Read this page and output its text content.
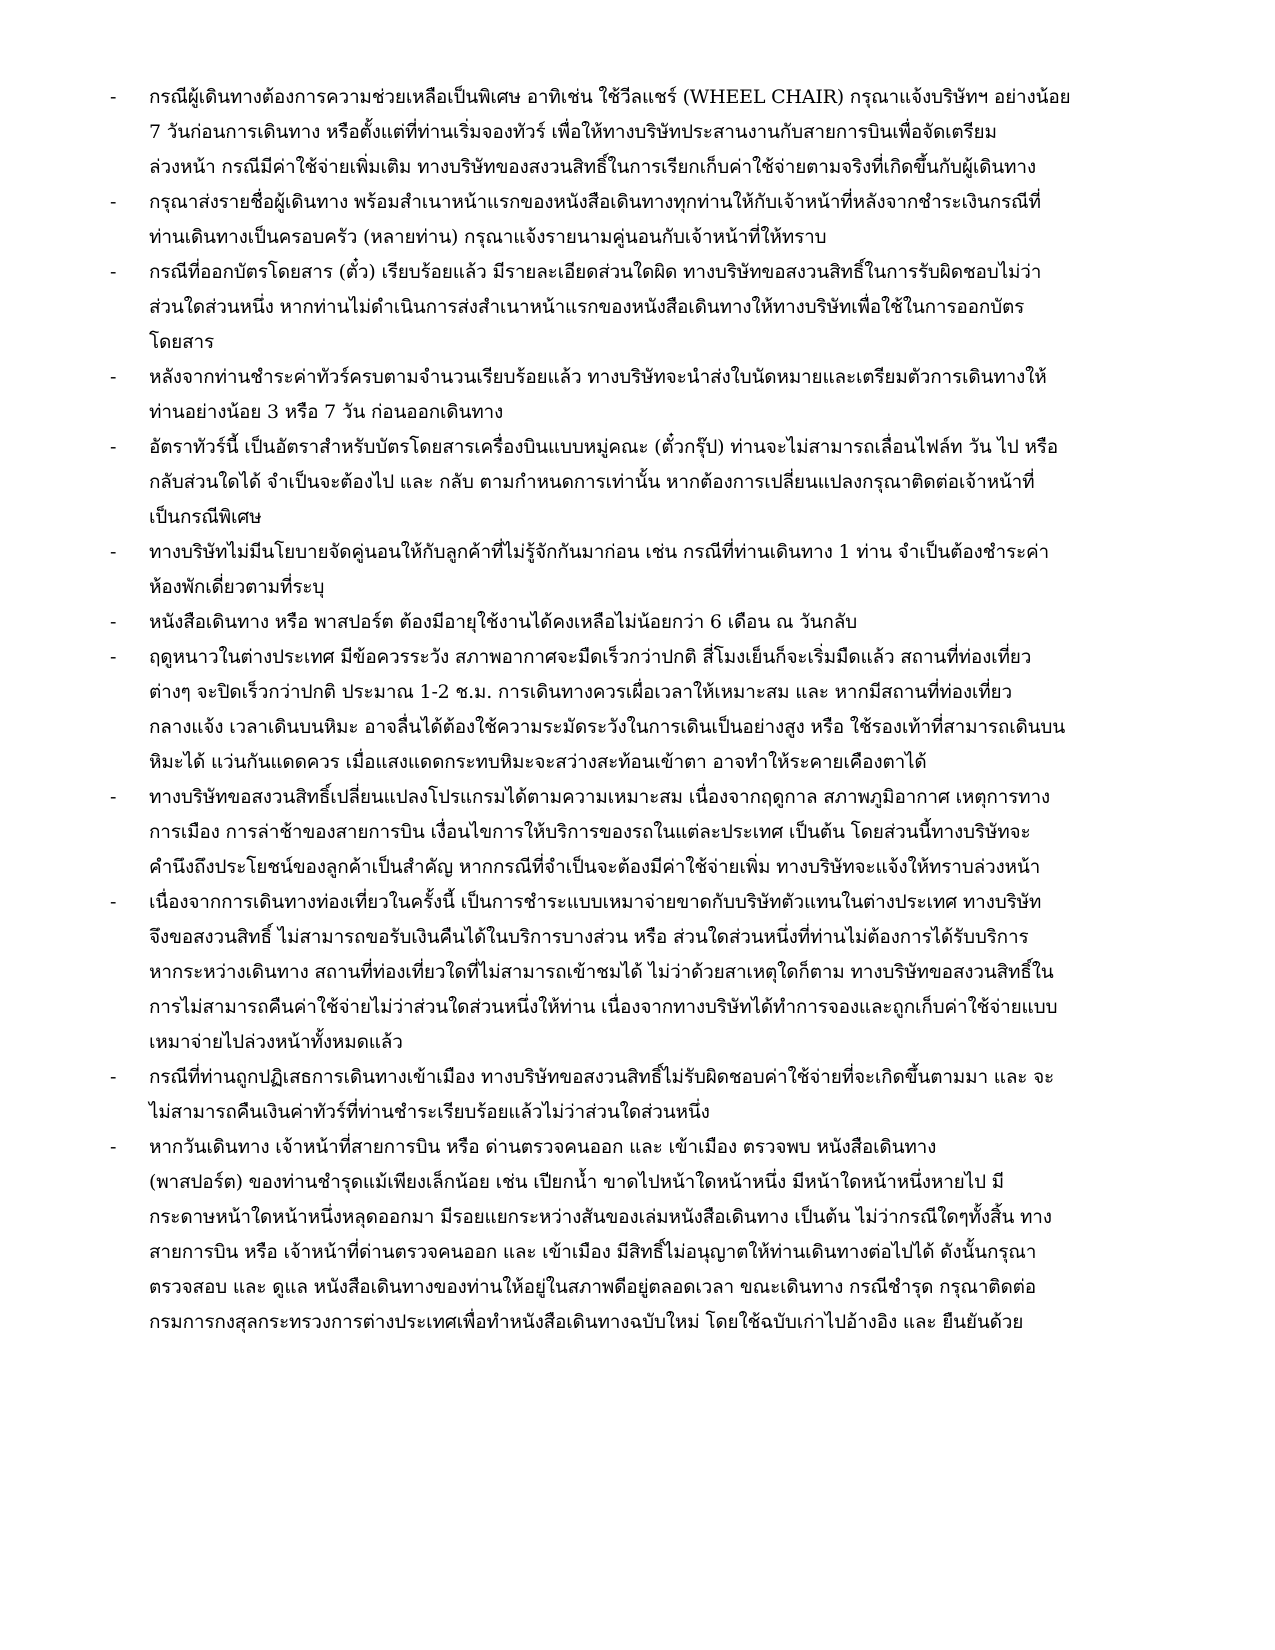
-	กรณีผู้เดินทางต้องการความช่วยเหลือเป็นพิเศษ อาทิเช่น ใช้วีลแชร์ (WHEEL CHAIR) กรุณาแจ้งบริษัทฯ อย่างน้อย
7 วันก่อนการเดินทาง หรือตั้งแต่ที่ท่านเริ่มจองทัวร์ เพื่อให้ทางบริษัทประสานงานกับสายการบินเพื่อจัดเตรียม
ล่วงหน้า กรณีมีค่าใช้จ่ายเพิ่มเติม ทางบริษัทของสงวนสิทธิ์ในการเรียกเก็บค่าใช้จ่ายตามจริงที่เกิดขึ้นกับผู้เดินทาง
-	กรุณาส่งรายชื่อผู้เดินทาง พร้อมสำเนาหน้าแรกของหนังสือเดินทางทุกท่านให้กับเจ้าหน้าที่หลังจากชำระเงินกรณีที่
ท่านเดินทางเป็นครอบครัว (หลายท่าน) กรุณาแจ้งรายนามคู่นอนกับเจ้าหน้าที่ให้ทราบ
-	กรณีที่ออกบัตรโดยสาร (ตั๋ว) เรียบร้อยแล้ว มีรายละเอียดส่วนใดผิด ทางบริษัทขอสงวนสิทธิ์ในการรับผิดชอบไม่ว่า
ส่วนใดส่วนหนึ่ง หากท่านไม่ดำเนินการส่งสำเนาหน้าแรกของหนังสือเดินทางให้ทางบริษัทเพื่อใช้ในการออกบัตร
โดยสาร
-	หลังจากท่านชำระค่าทัวร์ครบตามจำนวนเรียบร้อยแล้ว ทางบริษัทจะนำส่งใบนัดหมายและเตรียมตัวการเดินทางให้
ท่านอย่างน้อย 3 หรือ 7 วัน ก่อนออกเดินทาง
-	อัตราทัวร์นี้ เป็นอัตราสำหรับบัตรโดยสารเครื่องบินแบบหมู่คณะ (ตั๋วกรุ๊ป) ท่านจะไม่สามารถเลื่อนไฟล์ท วัน ไป หรือ
กลับส่วนใดได้ จำเป็นจะต้องไป และ กลับ ตามกำหนดการเท่านั้น หากต้องการเปลี่ยนแปลงกรุณาติดต่อเจ้าหน้าที่
เป็นกรณีพิเศษ
-	ทางบริษัทไม่มีนโยบายจัดคู่นอนให้กับลูกค้าที่ไม่รู้จักกันมาก่อน เช่น กรณีที่ท่านเดินทาง 1 ท่าน จำเป็นต้องชำระค่า
ห้องพักเดี่ยวตามที่ระบุ
-	หนังสือเดินทาง หรือ พาสปอร์ต ต้องมีอายุใช้งานได้คงเหลือไม่น้อยกว่า 6 เดือน ณ วันกลับ
-	ฤดูหนาวในต่างประเทศ มีข้อควรระวัง สภาพอากาศจะมืดเร็วกว่าปกติ สี่โมงเย็นก็จะเริ่มมืดแล้ว สถานที่ท่องเที่ยว
ต่างๆ จะปิดเร็วกว่าปกติ ประมาณ 1-2 ช.ม. การเดินทางควรเผื่อเวลาให้เหมาะสม และ หากมีสถานที่ท่องเที่ยว
กลางแจ้ง เวลาเดินบนหิมะ อาจลื่นได้ต้องใช้ความระมัดระวังในการเดินเป็นอย่างสูง หรือ ใช้รองเท้าที่สามารถเดินบน
หิมะได้ แว่นกันแดดควร เมื่อแสงแดดกระทบหิมะจะสว่างสะท้อนเข้าตา อาจทำให้ระคายเคืองตาได้
-	ทางบริษัทขอสงวนสิทธิ์เปลี่ยนแปลงโปรแกรมได้ตามความเหมาะสม เนื่องจากฤดูกาล สภาพภูมิอากาศ เหตุการทาง
การเมือง การล่าช้าของสายการบิน เงื่อนไขการให้บริการของรถในแต่ละประเทศ เป็นต้น โดยส่วนนี้ทางบริษัทจะ
คำนึงถึงประโยชน์ของลูกค้าเป็นสำคัญ หากกรณีที่จำเป็นจะต้องมีค่าใช้จ่ายเพิ่ม ทางบริษัทจะแจ้งให้ทราบล่วงหน้า
-	เนื่องจากการเดินทางท่องเที่ยวในครั้งนี้ เป็นการชำระแบบเหมาจ่ายขาดกับบริษัทตัวแทนในต่างประเทศ ทางบริษัท
จึงขอสงวนสิทธิ์ ไม่สามารถขอรับเงินคืนได้ในบริการบางส่วน หรือ ส่วนใดส่วนหนึ่งที่ท่านไม่ต้องการได้รับบริการ
หากระหว่างเดินทาง สถานที่ท่องเที่ยวใดที่ไม่สามารถเข้าชมได้ ไม่ว่าด้วยสาเหตุใดก็ตาม ทางบริษัทขอสงวนสิทธิ์ใน
การไม่สามารถคืนค่าใช้จ่ายไม่ว่าส่วนใดส่วนหนึ่งให้ท่าน เนื่องจากทางบริษัทได้ทำการจองและถูกเก็บค่าใช้จ่ายแบบ
เหมาจ่ายไปล่วงหน้าทั้งหมดแล้ว
-	กรณีที่ท่านถูกปฏิเสธการเดินทางเข้าเมือง ทางบริษัทขอสงวนสิทธิ์ไม่รับผิดชอบค่าใช้จ่ายที่จะเกิดขึ้นตามมา และ จะ
ไม่สามารถคืนเงินค่าทัวร์ที่ท่านชำระเรียบร้อยแล้วไม่ว่าส่วนใดส่วนหนึ่ง
-	หากวันเดินทาง เจ้าหน้าที่สายการบิน หรือ ด่านตรวจคนออก และ เข้าเมือง ตรวจพบ หนังสือเดินทาง
(พาสปอร์ต) ของท่านชำรุดแม้เพียงเล็กน้อย เช่น เปียกน้ำ ขาดไปหน้าใดหน้าหนึ่ง มีหน้าใดหน้าหนึ่งหายไป มี
กระดาษหน้าใดหน้าหนึ่งหลุดออกมา มีรอยแยกระหว่างสันของเล่มหนังสือเดินทาง เป็นต้น ไม่ว่ากรณีใดๆทั้งสิ้น ทาง
สายการบิน หรือ เจ้าหน้าที่ด่านตรวจคนออก และ เข้าเมือง มีสิทธิ์ไม่อนุญาตให้ท่านเดินทางต่อไปได้ ดังนั้นกรุณา
ตรวจสอบ และ ดูแล หนังสือเดินทางของท่านให้อยู่ในสภาพดีอยู่ตลอดเวลา ขณะเดินทาง กรณีชำรุด กรุณาติดต่อ
กรมการกงสุลกระทรวงการต่างประเทศเพื่อทำหนังสือเดินทางฉบับใหม่ โดยใช้ฉบับเก่าไปอ้างอิง และ ยืนยันด้วย
